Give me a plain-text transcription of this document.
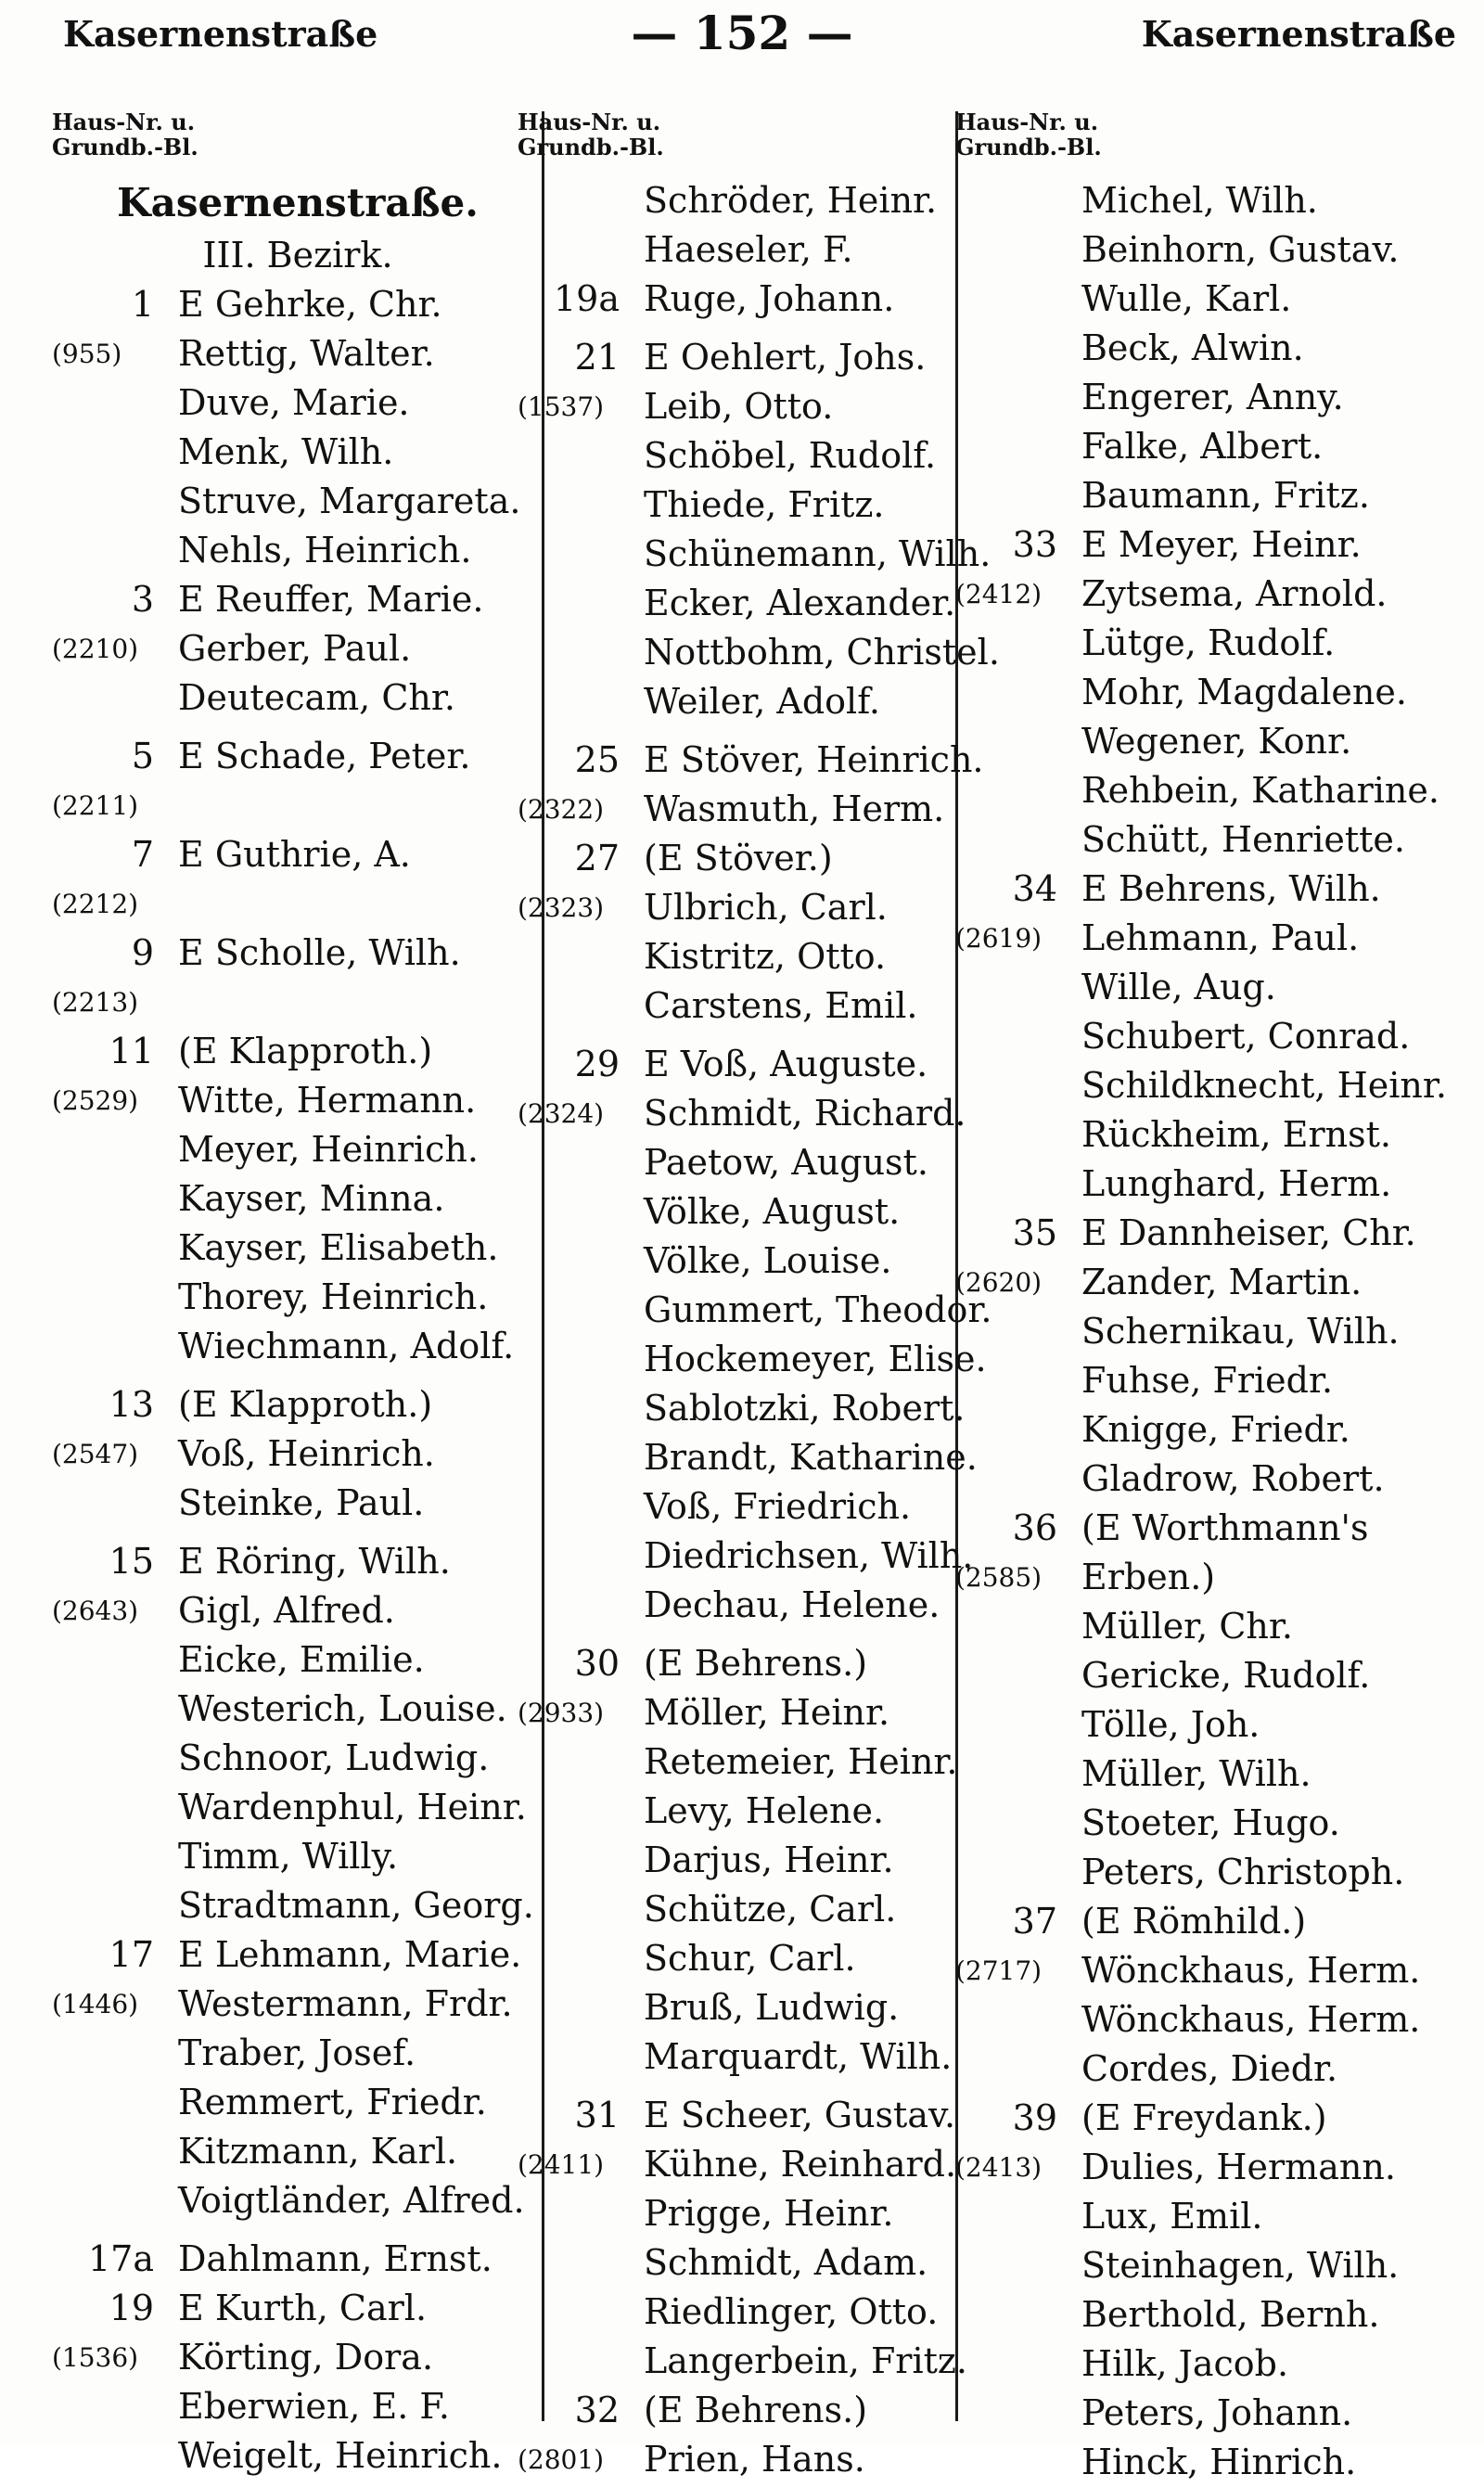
Kasernenstraße	— 152 —	Kasernenstraße
Haus-Nr. u.
Grundb.-Bl.
Kasernenstraße.
III. Bezirk.
1 E Gehrke, Chr.
(955)	Rettig, Walter.
Duve, Marie.
Menk, Wilh.
Struve, Margareta.
Nehls, Heinrich.
3 E Reuffer, Marie.
(2210)	Gerber, Paul.
Deutecam, Chr.
5 E Schade, Peter.
(2211)
7 E Guthrie, A.
(2212)
9 E Scholle, Wilh.
(2213)
11 (E Klapproth.)
(2529)	Witte, Hermann.
Meyer, Heinrich.
Kayser, Minna.
Kayser, Elisabeth.
Thorey, Heinrich.
Wiechmann, Adolf.
13 (E Klapproth.)
(2547)	Voß, Heinrich.
Steinke, Paul.
15 E Röring, Wilh.
(2643)	Gigl, Alfred.
Eicke, Emilie.
Westerich, Louise.
Schnoor, Ludwig.
Wardenphul, Heinr.
Timm, Willy.
Stradtmann, Georg.
17 E Lehmann, Marie.
(1446)	Westermann, Frdr.
Traber, Josef.
Remmert, Friedr.
Kitzmann, Karl.
Voigtländer, Alfred.
17a Dahlmann, Ernst.
19 E Kurth, Carl.
(1536)	Körting, Dora.
Eberwien, E. F.
Weigelt, Heinrich.
Haus-Nr. u.
Grundb.-Bl.
Schröder, Heinr.
Haeseler, F.
19a Ruge, Johann.
21 E Oehlert, Johs.
(1537)	Leib, Otto.
Schöbel, Rudolf.
Thiede, Fritz.
Schünemann, Wilh.
Ecker, Alexander.
Nottbohm, Christel.
Weiler, Adolf.
25 E Stöver, Heinrich.
(2322)	Wasmuth, Herm.
27 (E Stöver.)
(2323)	Ulbrich, Carl.
Kistritz, Otto.
Carstens, Emil.
29 E Voß, Auguste.
(2324)	Schmidt, Richard.
Paetow, August.
Völke, August.
Völke, Louise.
Gummert, Theodor.
Hockemeyer, Elise.
Sablotzki, Robert.
Brandt, Katharine.
Voß, Friedrich.
Diedrichsen, Wilh.
Dechau, Helene.
30 (E Behrens.)
(2933)	Möller, Heinr.
Retemeier, Heinr.
Levy, Helene.
Darjus, Heinr.
Schütze, Carl.
Schur, Carl.
Bruß, Ludwig.
Marquardt, Wilh.
31 E Scheer, Gustav.
(2411)	Kühne, Reinhard.
Prigge, Heinr.
Schmidt, Adam.
Riedlinger, Otto.
Langerbein, Fritz.
32 (E Behrens.)
(2801)	Prien, Hans.
Haus-Nr. u.
Grundb.-Bl.
Michel, Wilh.
Beinhorn, Gustav.
Wulle, Karl.
Beck, Alwin.
Engerer, Anny.
Falke, Albert.
Baumann, Fritz.
33 E Meyer, Heinr.
(2412)	Zytsema, Arnold.
Lütge, Rudolf.
Mohr, Magdalene.
Wegener, Konr.
Rehbein, Katharine.
Schütt, Henriette.
34 E Behrens, Wilh.
(2619)	Lehmann, Paul.
Wille, Aug.
Schubert, Conrad.
Schildknecht, Heinr.
Rückheim, Ernst.
Lunghard, Herm.
35 E Dannheiser, Chr.
(2620)	Zander, Martin.
Schernikau, Wilh.
Fuhse, Friedr.
Knigge, Friedr.
Gladrow, Robert.
36 (E Worthmann's
(2585)	Erben.)
Müller, Chr.
Gericke, Rudolf.
Tölle, Joh.
Müller, Wilh.
Stoeter, Hugo.
Peters, Christoph.
37 (E Römhild.)
(2717)	Wönckhaus, Herm.
Wönckhaus, Herm.
Cordes, Diedr.
39 (E Freydank.)
(2413)	Dulies, Hermann.
Lux, Emil.
Steinhagen, Wilh.
Berthold, Bernh.
Hilk, Jacob.
Peters, Johann.
Hinck, Hinrich.
